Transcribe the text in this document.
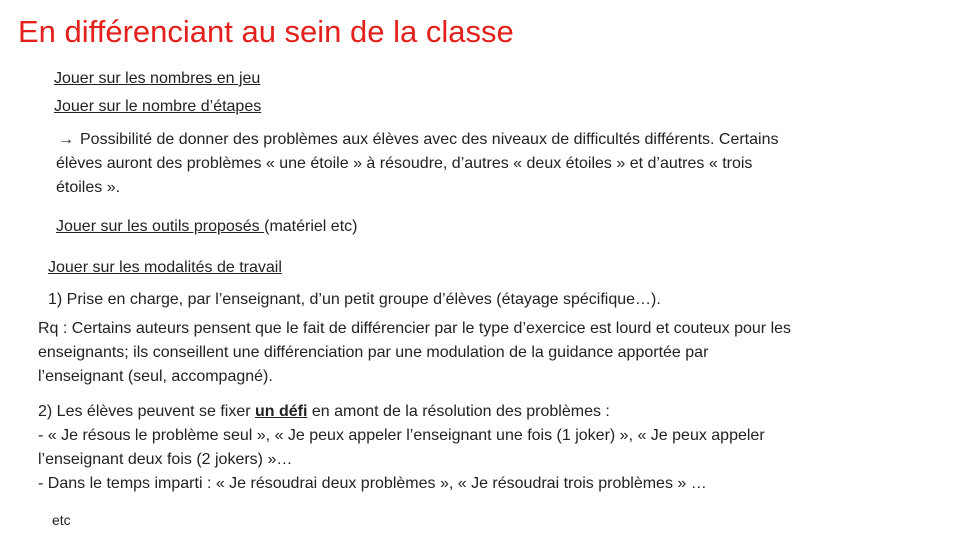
En différenciant au sein de la classe
Jouer sur les nombres en jeu
Jouer sur le nombre d’étapes
→ Possibilité de donner des problèmes aux élèves avec des niveaux de difficultés différents. Certains
élèves auront des problèmes « une étoile » à résoudre, d’autres « deux étoiles » et d’autres « trois
étoiles ».
Jouer sur les outils proposés (matériel etc)
Jouer sur les modalités de travail
1) Prise en charge, par l’enseignant, d’un petit groupe d’élèves (étayage spécifique…).
Rq : Certains auteurs pensent que le fait de différencier par le type d’exercice est lourd et couteux pour les
enseignants; ils conseillent une différenciation par une modulation de la guidance apportée par
l’enseignant (seul, accompagné).
2) Les élèves peuvent se fixer un défi en amont de la résolution des problèmes :
- « Je résous le problème seul », « Je peux appeler l’enseignant une fois (1 joker) », « Je peux appeler
l’enseignant deux fois (2 jokers) »…
- Dans le temps imparti : « Je résoudrai deux problèmes », « Je résoudrai trois problèmes » …
etc
